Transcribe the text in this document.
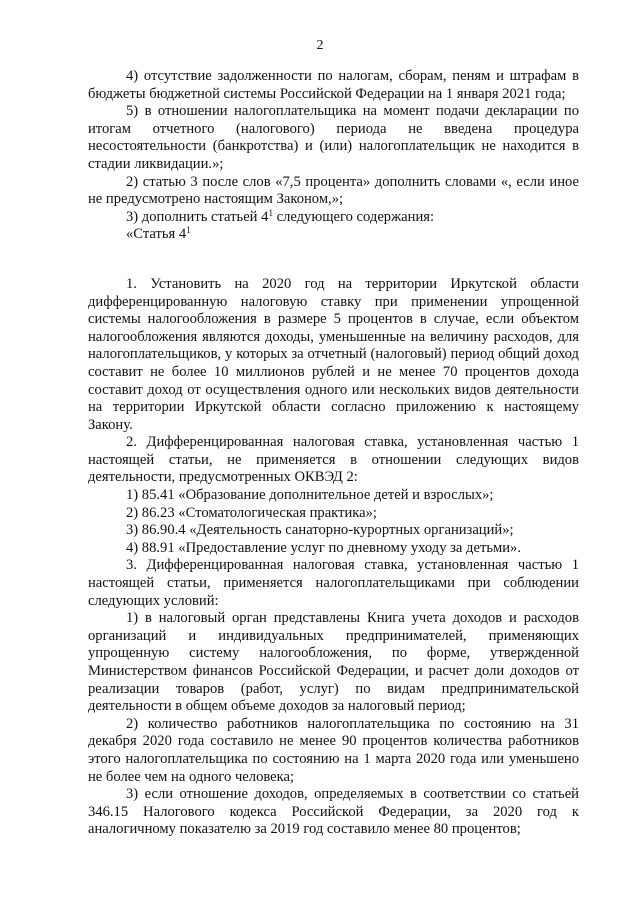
2

4) отсутствие задолженности по налогам, сборам, пеням и штрафам в бюджеты бюджетной системы Российской Федерации на 1 января 2021 года;

5) в отношении налогоплательщика на момент подачи декларации по итогам отчетного (налогового) периода не введена процедура несостоятельности (банкротства) и (или) налогоплательщик не находится в стадии ликвидации.»;

2) статью 3 после слов «7,5 процента» дополнить словами «, если иное не предусмотрено настоящим Законом,»;

3) дополнить статьей $4^1$ следующего содержания:

«Статья $4^1$

1. Установить на 2020 год на территории Иркутской области дифференцированную налоговую ставку при применении упрощенной системы налогообложения в размере 5 процентов в случае, если объектом налогообложения являются доходы, уменьшенные на величину расходов, для налогоплательщиков, у которых за отчетный (налоговый) период общий доход составит не более 10 миллионов рублей и не менее 70 процентов дохода составит доход от осуществления одного или нескольких видов деятельности на территории Иркутской области согласно приложению к настоящему Закону.

2. Дифференцированная налоговая ставка, установленная частью 1 настоящей статьи, не применяется в отношении следующих видов деятельности, предусмотренных ОКВЭД 2:

1) 85.41 «Образование дополнительное детей и взрослых»;

2) 86.23 «Стоматологическая практика»;

3) 86.90.4 «Деятельность санаторно-курортных организаций»;

4) 88.91 «Предоставление услуг по дневному уходу за детьми».

3. Дифференцированная налоговая ставка, установленная частью 1 настоящей статьи, применяется налогоплательщиками при соблюдении следующих условий:

1) в налоговый орган представлены Книга учета доходов и расходов организаций и индивидуальных предпринимателей, применяющих упрощенную систему налогообложения, по форме, утвержденной Министерством финансов Российской Федерации, и расчет доли доходов от реализации товаров (работ, услуг) по видам предпринимательской деятельности в общем объеме доходов за налоговый период;

2) количество работников налогоплательщика по состоянию на 31 декабря 2020 года составило не менее 90 процентов количества работников этого налогоплательщика по состоянию на 1 марта 2020 года или уменьшено не более чем на одного человека;

3) если отношение доходов, определяемых в соответствии со статьей 346.15 Налогового кодекса Российской Федерации, за 2020 год к аналогичному показателю за 2019 год составило менее 80 процентов;
